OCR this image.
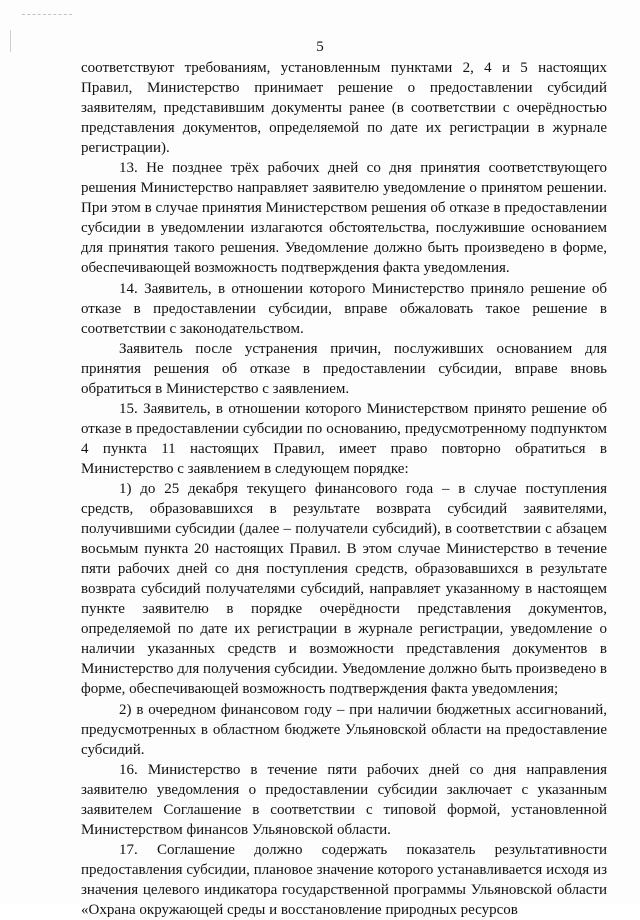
5

соответствуют требованиям, установленным пунктами 2, 4 и 5 настоящих Правил, Министерство принимает решение о предоставлении субсидий заявителям, представившим документы ранее (в соответствии с очерёдностью представления документов, определяемой по дате их регистрации в журнале регистрации).

13. Не позднее трёх рабочих дней со дня принятия соответствующего решения Министерство направляет заявителю уведомление о принятом решении. При этом в случае принятия Министерством решения об отказе в предоставлении субсидии в уведомлении излагаются обстоятельства, послужившие основанием для принятия такого решения. Уведомление должно быть произведено в форме, обеспечивающей возможность подтверждения факта уведомления.

14. Заявитель, в отношении которого Министерство приняло решение об отказе в предоставлении субсидии, вправе обжаловать такое решение в соответствии с законодательством.

Заявитель после устранения причин, послуживших основанием для принятия решения об отказе в предоставлении субсидии, вправе вновь обратиться в Министерство с заявлением.

15. Заявитель, в отношении которого Министерством принято решение об отказе в предоставлении субсидии по основанию, предусмотренному подпунктом 4 пункта 11 настоящих Правил, имеет право повторно обратиться в Министерство с заявлением в следующем порядке:

1) до 25 декабря текущего финансового года – в случае поступления средств, образовавшихся в результате возврата субсидий заявителями, получившими субсидии (далее – получатели субсидий), в соответствии с абзацем восьмым пункта 20 настоящих Правил. В этом случае Министерство в течение пяти рабочих дней со дня поступления средств, образовавшихся в результате возврата субсидий получателями субсидий, направляет указанному в настоящем пункте заявителю в порядке очерёдности представления документов, определяемой по дате их регистрации в журнале регистрации, уведомление о наличии указанных средств и возможности представления документов в Министерство для получения субсидии. Уведомление должно быть произведено в форме, обеспечивающей возможность подтверждения факта уведомления;

2) в очередном финансовом году – при наличии бюджетных ассигнований, предусмотренных в областном бюджете Ульяновской области на предоставление субсидий.

16. Министерство в течение пяти рабочих дней со дня направления заявителю уведомления о предоставлении субсидии заключает с указанным заявителем Соглашение в соответствии с типовой формой, установленной Министерством финансов Ульяновской области.

17. Соглашение должно содержать показатель результативности предоставления субсидии, плановое значение которого устанавливается исходя из значения целевого индикатора государственной программы Ульяновской области «Охрана окружающей среды и восстановление природных ресурсов
